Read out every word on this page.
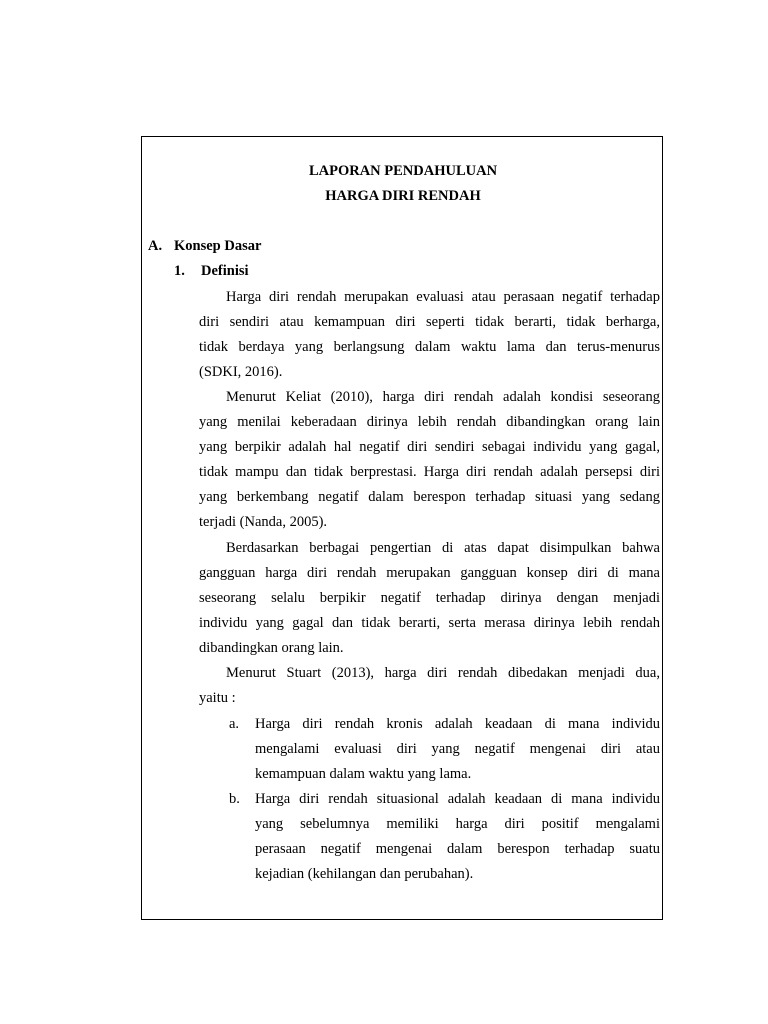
LAPORAN PENDAHULUAN
HARGA DIRI RENDAH
A. Konsep Dasar
1. Definisi
Harga diri rendah merupakan evaluasi atau perasaan negatif terhadap
diri sendiri atau kemampuan diri seperti tidak berarti, tidak berharga,
tidak berdaya yang berlangsung dalam waktu lama dan terus-menurus
(SDKI, 2016).
Menurut Keliat (2010), harga diri rendah adalah kondisi seseorang
yang menilai keberadaan dirinya lebih rendah dibandingkan orang lain
yang berpikir adalah hal negatif diri sendiri sebagai individu yang gagal,
tidak mampu dan tidak berprestasi. Harga diri rendah adalah persepsi diri
yang berkembang negatif dalam berespon terhadap situasi yang sedang
terjadi (Nanda, 2005).
Berdasarkan berbagai pengertian di atas dapat disimpulkan bahwa
gangguan harga diri rendah merupakan gangguan konsep diri di mana
seseorang selalu berpikir negatif terhadap dirinya dengan menjadi
individu yang gagal dan tidak berarti, serta merasa dirinya lebih rendah
dibandingkan orang lain.
Menurut Stuart (2013), harga diri rendah dibedakan menjadi dua,
yaitu :
a. Harga diri rendah kronis adalah keadaan di mana individu
mengalami evaluasi diri yang negatif mengenai diri atau
kemampuan dalam waktu yang lama.
b. Harga diri rendah situasional adalah keadaan di mana individu
yang sebelumnya memiliki harga diri positif mengalami
perasaan negatif mengenai dalam berespon terhadap suatu
kejadian (kehilangan dan perubahan).
